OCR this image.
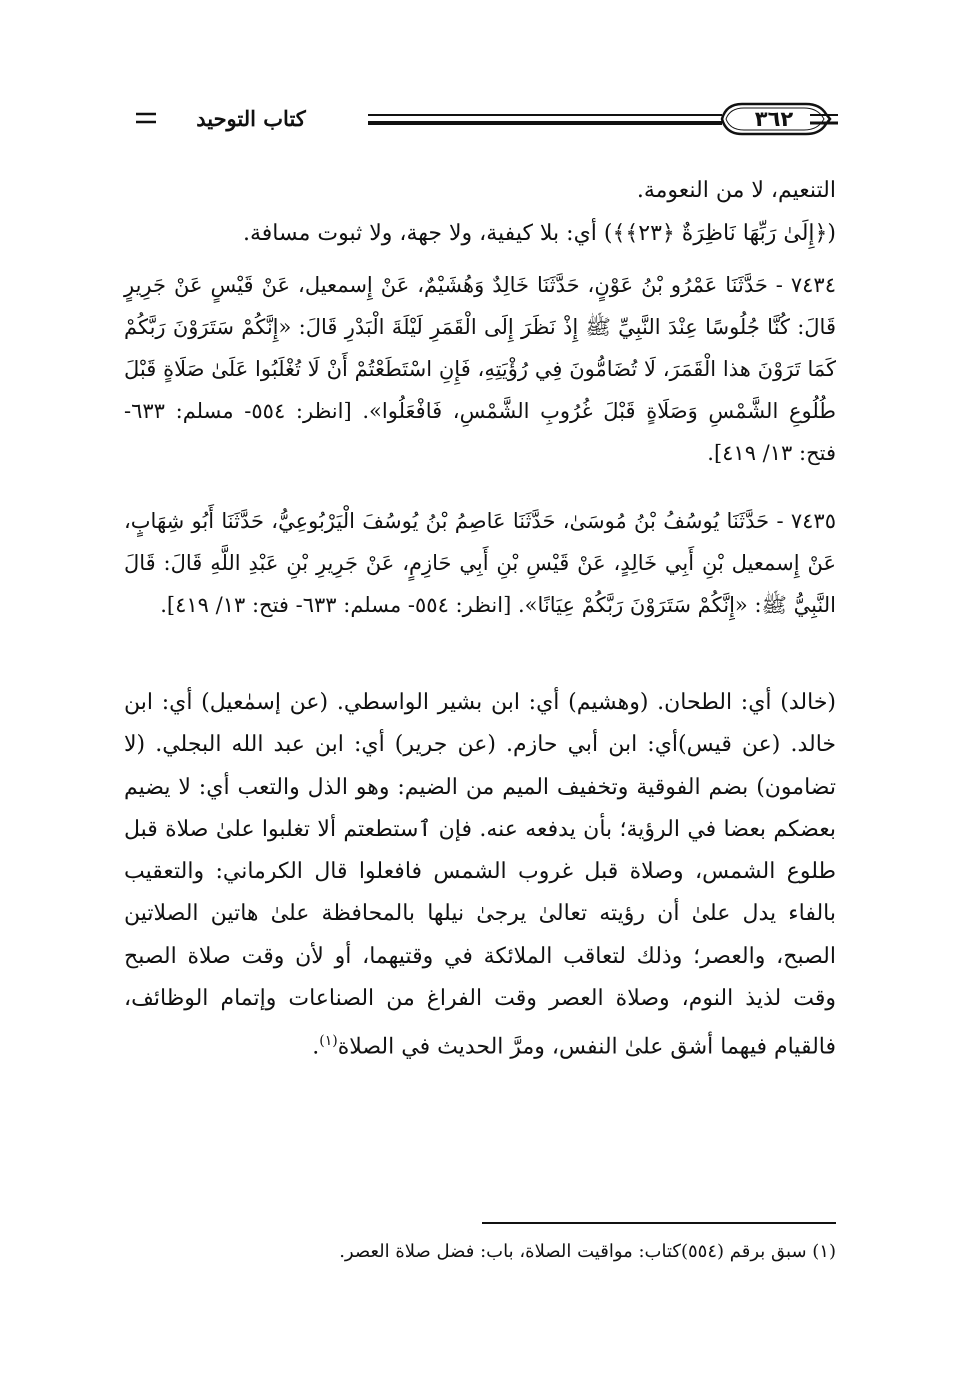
٣٦٢
كتاب التوحيد
التنعيم، لا من النعومة.
(﴿إِلَىٰ رَبِّهَا نَاظِرَةٌ ﴿٢٣﴾﴾) أي: بلا كيفية، ولا جهة، ولا ثبوت مسافة.
٧٤٣٤ - حَدَّثَنَا عَمْرُو بْنُ عَوْنٍ، حَدَّثَنَا خَالِدٌ وَهُشَيْمٌ، عَنْ إِسمعيل، عَنْ قَيْسٍ عَنْ جَرِيرٍ قَالَ: كُنَّا جُلُوسًا عِنْدَ النَّبِيِّ ﷺ إِذْ نَظَرَ إِلَى الْقَمَرِ لَيْلَةَ الْبَدْرِ قَالَ: «إِنَّكُمْ سَتَرَوْنَ رَبَّكُمْ كَمَا تَرَوْنَ هذا الْقَمَرَ، لَا تُضَامُّونَ فِي رُؤْيَتِهِ، فَإِنِ اسْتَطَعْتُمْ أَنْ لَا تُغْلَبُوا عَلَىٰ صَلَاةٍ قَبْلَ طُلُوعِ الشَّمْسِ وَصَلَاةٍ قَبْلَ غُرُوبِ الشَّمْسِ، فَافْعَلُوا». [انظر: ٥٥٤- مسلم: ٦٣٣- فتح: ١٣/ ٤١٩].
٧٤٣٥ - حَدَّثَنَا يُوسُفُ بْنُ مُوسَىٰ، حَدَّثَنَا عَاصِمُ بْنُ يُوسُفَ الْيَرْبُوعِيُّ، حَدَّثَنَا أَبُو شِهَابٍ، عَنْ إِسمعيل بْنِ أَبِي خَالِدٍ، عَنْ قَيْسِ بْنِ أَبِي حَازِمٍ، عَنْ جَرِيرِ بْنِ عَبْدِ اللَّهِ قَالَ: قَالَ النَّبِيُّ ﷺ: «إِنَّكُمْ سَتَرَوْنَ رَبَّكُمْ عِيَانًا». [انظر: ٥٥٤- مسلم: ٦٣٣- فتح: ١٣/ ٤١٩].
(خالد) أي: الطحان. (وهشيم) أي: ابن بشير الواسطي. (عن إسمٰعيل) أي: ابن خالد. (عن قيس)أي: ابن أبي حازم. (عن جرير) أي: ابن عبد الله البجلي. (لا تضامون) بضم الفوقية وتخفيف الميم من الضيم: وهو الذل والتعب أي: لا يضيم بعضكم بعضا في الرؤية؛ بأن يدفعه عنه. فإن ٱستطعتم ألا تغلبوا علىٰ صلاة قبل طلوع الشمس، وصلاة قبل غروب الشمس فافعلوا قال الكرماني: والتعقيب بالفاء يدل علىٰ أن رؤيته تعالىٰ يرجىٰ نيلها بالمحافظة علىٰ هاتين الصلاتين الصبح، والعصر؛ وذلك لتعاقب الملائكة في وقتيهما، أو لأن وقت صلاة الصبح وقت لذيذ النوم، وصلاة العصر وقت الفراغ من الصناعات وإتمام الوظائف، فالقيام فيهما أشق علىٰ النفس، ومرَّ الحديث في الصلاة$^{(١)}$.
(١) سبق برقم (٥٥٤)كتاب: مواقيت الصلاة، باب: فضل صلاة العصر.
